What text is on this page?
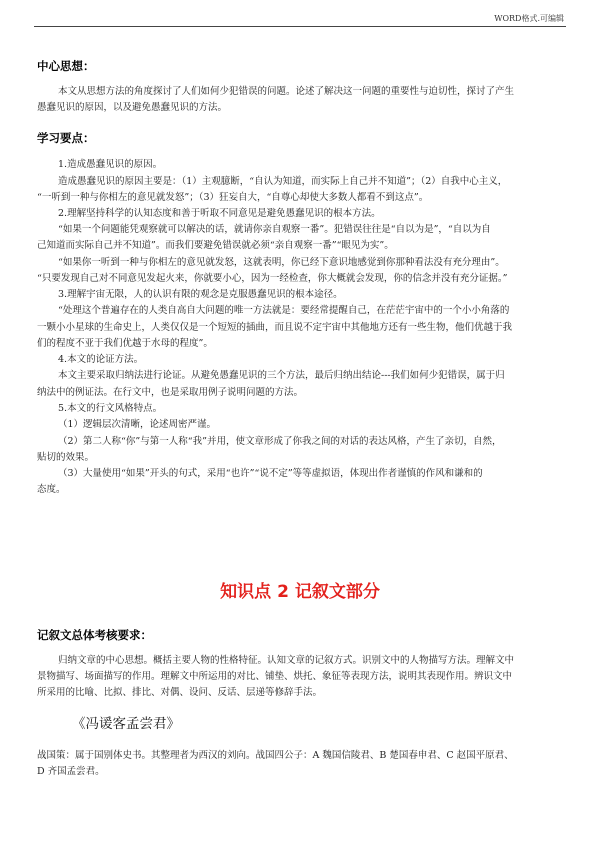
WORD格式.可编辑
中心思想：
本文从思想方法的角度探讨了人们如何少犯错误的问题。论述了解决这一问题的重要性与迫切性，探讨了产生
愚蠢见识的原因，以及避免愚蠢见识的方法。
学习要点：
1.造成愚蠢见识的原因。
造成愚蠢见识的原因主要是：（1）主观臆断，“自认为知道，而实际上自己并不知道”；（2）自我中心主义，
“一听到一种与你相左的意见就发怒”；（3）狂妄自大，“自尊心却使大多数人都看不到这点”。
2.理解坚持科学的认知态度和善于听取不同意见是避免愚蠢见识的根本方法。
“如果一个问题能凭观察就可以解决的话，就请你亲自观察一番”。犯错误往往是“自以为是”，“自以为自
己知道而实际自己并不知道”。而我们要避免错误就必须“亲自观察一番”“眼见为实”。
“如果你一听到一种与你相左的意见就发怒，这就表明，你已经下意识地感觉到你那种看法没有充分理由”。
“只要发现自己对不同意见发起火来，你就要小心，因为一经检查，你大概就会发现，你的信念并没有充分证据。”
3.理解宇宙无限，人的认识有限的观念是克服愚蠢见识的根本途径。
“处理这个普遍存在的人类自高自大问题的唯一方法就是：要经常提醒自己，在茫茫宇宙中的一个小小角落的
一颗小小星球的生命史上，人类仅仅是一个短短的插曲，而且说不定宇宙中其他地方还有一些生物，他们优越于我
们的程度不亚于我们优越于水母的程度”。
4.本文的论证方法。
本文主要采取归纳法进行论证。从避免愚蠢见识的三个方法，最后归纳出结论---我们如何少犯错误，属于归
纳法中的例证法。在行文中，也是采取用例子说明问题的方法。
5.本文的行文风格特点。
（1）逻辑层次清晰，论述周密严谨。
（2）第二人称“你”与第一人称“我”并用，使文章形成了你我之间的对话的表达风格，产生了亲切，自然，
贴切的效果。
（3）大量使用“如果”开头的句式，采用“也许”“说不定”等等虚拟语，体现出作者谨慎的作风和谦和的
态度。
知识点 2 记叙文部分
记叙文总体考核要求：
归纳文章的中心思想。概括主要人物的性格特征。认知文章的记叙方式。识别文中的人物描写方法。理解文中
景物描写、场面描写的作用。理解文中所运用的对比、铺垫、烘托、象征等表现方法，说明其表现作用。辨识文中
所采用的比喻、比拟、排比、对偶、设问、反话、层递等修辞手法。
《冯谖客孟尝君》
战国策：属于国别体史书。其整理者为西汉的刘向。战国四公子：A 魏国信陵君、B 楚国春申君、C 赵国平原君、
D 齐国孟尝君。
